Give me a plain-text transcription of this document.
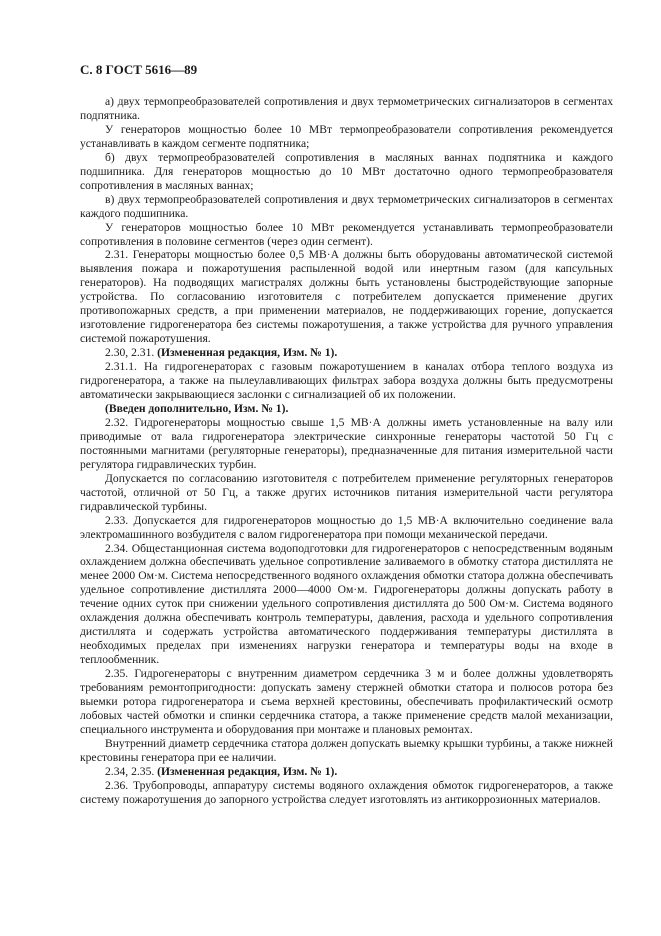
С. 8 ГОСТ 5616—89

а) двух термопреобразователей сопротивления и двух термометрических сигнализаторов в сегментах подпятника.

У генераторов мощностью более 10 МВт термопреобразователи сопротивления рекомендуется устанавливать в каждом сегменте подпятника;

б) двух термопреобразователей сопротивления в масляных ваннах подпятника и каждого подшипника. Для генераторов мощностью до 10 МВт достаточно одного термопреобразователя сопротивления в масляных ваннах;

в) двух термопреобразователей сопротивления и двух термометрических сигнализаторов в сегментах каждого подшипника.

У генераторов мощностью более 10 МВт рекомендуется устанавливать термопреобразователи сопротивления в половине сегментов (через один сегмент).

2.31. Генераторы мощностью более 0,5 МВ·А должны быть оборудованы автоматической системой выявления пожара и пожаротушения распыленной водой или инертным газом (для капсульных генераторов). На подводящих магистралях должны быть установлены быстродействующие запорные устройства. По согласованию изготовителя с потребителем допускается применение других противопожарных средств, а при применении материалов, не поддерживающих горение, допускается изготовление гидрогенератора без системы пожаротушения, а также устройства для ручного управления системой пожаротушения.

2.30, 2.31. (Измененная редакция, Изм. № 1).

2.31.1. На гидрогенераторах с газовым пожаротушением в каналах отбора теплого воздуха из гидрогенератора, а также на пылеулавливающих фильтрах забора воздуха должны быть предусмотрены автоматически закрывающиеся заслонки с сигнализацией об их положении.

(Введен дополнительно, Изм. № 1).

2.32. Гидрогенераторы мощностью свыше 1,5 МВ·А должны иметь установленные на валу или приводимые от вала гидрогенератора электрические синхронные генераторы частотой 50 Гц с постоянными магнитами (регуляторные генераторы), предназначенные для питания измерительной части регулятора гидравлических турбин.

Допускается по согласованию изготовителя с потребителем применение регуляторных генераторов частотой, отличной от 50 Гц, а также других источников питания измерительной части регулятора гидравлической турбины.

2.33. Допускается для гидрогенераторов мощностью до 1,5 МВ·А включительно соединение вала электромашинного возбудителя с валом гидрогенератора при помощи механической передачи.

2.34. Общестанционная система водоподготовки для гидрогенераторов с непосредственным водяным охлаждением должна обеспечивать удельное сопротивление заливаемого в обмотку статора дистиллята не менее 2000 Ом·м. Система непосредственного водяного охлаждения обмотки статора должна обеспечивать удельное сопротивление дистиллята 2000—4000 Ом·м. Гидрогенераторы должны допускать работу в течение одних суток при снижении удельного сопротивления дистиллята до 500 Ом·м. Система водяного охлаждения должна обеспечивать контроль температуры, давления, расхода и удельного сопротивления дистиллята и содержать устройства автоматического поддерживания температуры дистиллята в необходимых пределах при изменениях нагрузки генератора и температуры воды на входе в теплообменник.

2.35. Гидрогенераторы с внутренним диаметром сердечника 3 м и более должны удовлетворять требованиям ремонтопригодности: допускать замену стержней обмотки статора и полюсов ротора без выемки ротора гидрогенератора и съема верхней крестовины, обеспечивать профилактический осмотр лобовых частей обмотки и спинки сердечника статора, а также применение средств малой механизации, специального инструмента и оборудования при монтаже и плановых ремонтах.

Внутренний диаметр сердечника статора должен допускать выемку крышки турбины, а также нижней крестовины генератора при ее наличии.

2.34, 2.35. (Измененная редакция, Изм. № 1).

2.36. Трубопроводы, аппаратуру системы водяного охлаждения обмоток гидрогенераторов, а также систему пожаротушения до запорного устройства следует изготовлять из антикоррозионных материалов.
